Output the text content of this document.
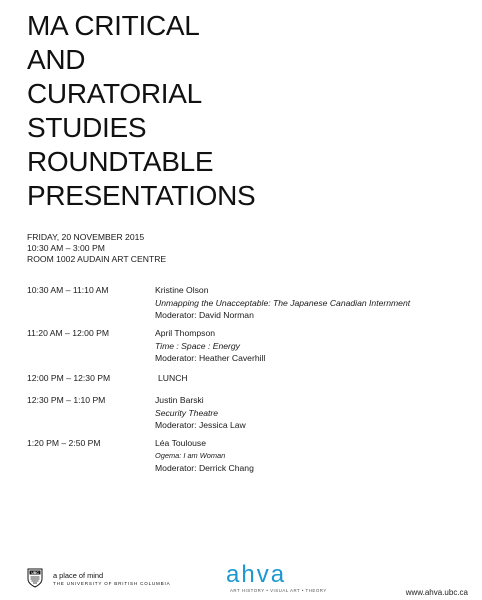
MA CRITICAL
AND
CURATORIAL
STUDIES
ROUNDTABLE
PRESENTATIONS
FRIDAY, 20 NOVEMBER 2015
10:30 AM – 3:00 PM
ROOM 1002 AUDAIN ART CENTRE
10:30 AM – 11:10 AM	Kristine Olson
Unmapping the Unacceptable: The Japanese Canadian Internment
Moderator: David Norman
11:20 AM – 12:00 PM	April Thompson
Time : Space : Energy
Moderator: Heather Caverhill
12:00 PM – 12:30 PM	LUNCH
12:30 PM – 1:10 PM	Justin Barski
Security Theatre
Moderator: Jessica Law
1:20 PM – 2:50 PM	Léa Toulouse
Ogema: I am Woman
Moderator: Derrick Chang
UBC a place of mind
THE UNIVERSITY OF BRITISH COLUMBIA ahva
ART HISTORY • VISUAL ART • THEORY	www.ahva.ubc.ca
